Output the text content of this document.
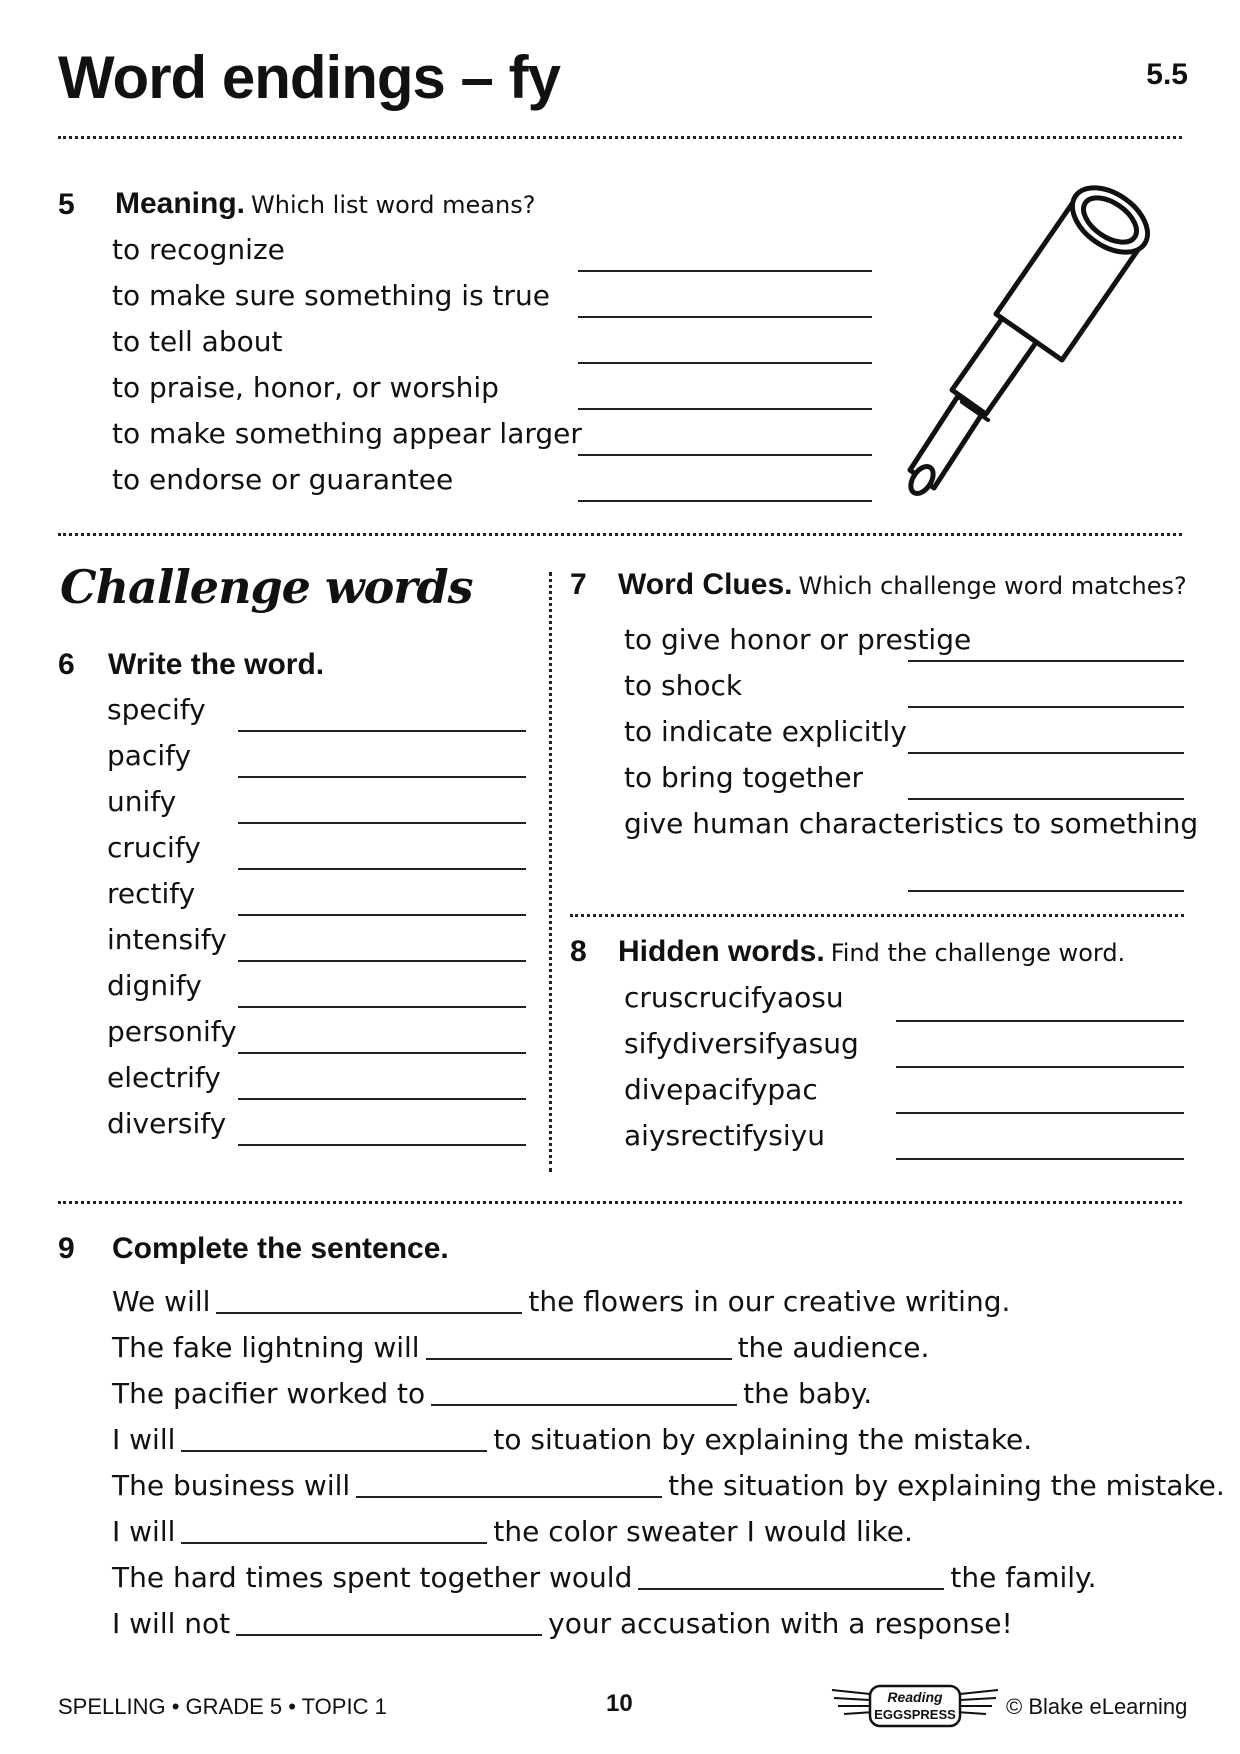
Word endings – fy	5.5
5 Meaning. Which list word means?
to recognize
to make sure something is true
to tell about
to praise, honor, or worship
to make something appear larger
to endorse or guarantee
Challenge words
6 Write the word.
specify
pacify
unify
crucify
rectify
intensify
dignify
personify
electrify
diversify
7 Word Clues. Which challenge word matches?
to give honor or prestige
to shock
to indicate explicitly
to bring together
give human characteristics to something
8 Hidden words. Find the challenge word.
cruscrucifyaosu
sifydiversifyasug
divepacifypac
aiysrectifysiyu
9 Complete the sentence.
We will	the flowers in our creative writing.
The fake lightning will	the audience.
The pacifier worked to	the baby.
I will	to situation by explaining the mistake.
The business will	the situation by explaining the mistake.
I will	the color sweater I would like.
The hard times spent together would	the family.
I will not	your accusation with a response!
SPELLING • GRADE 5 • TOPIC 1	10	Reading
EGGSPRESS © Blake eLearning
